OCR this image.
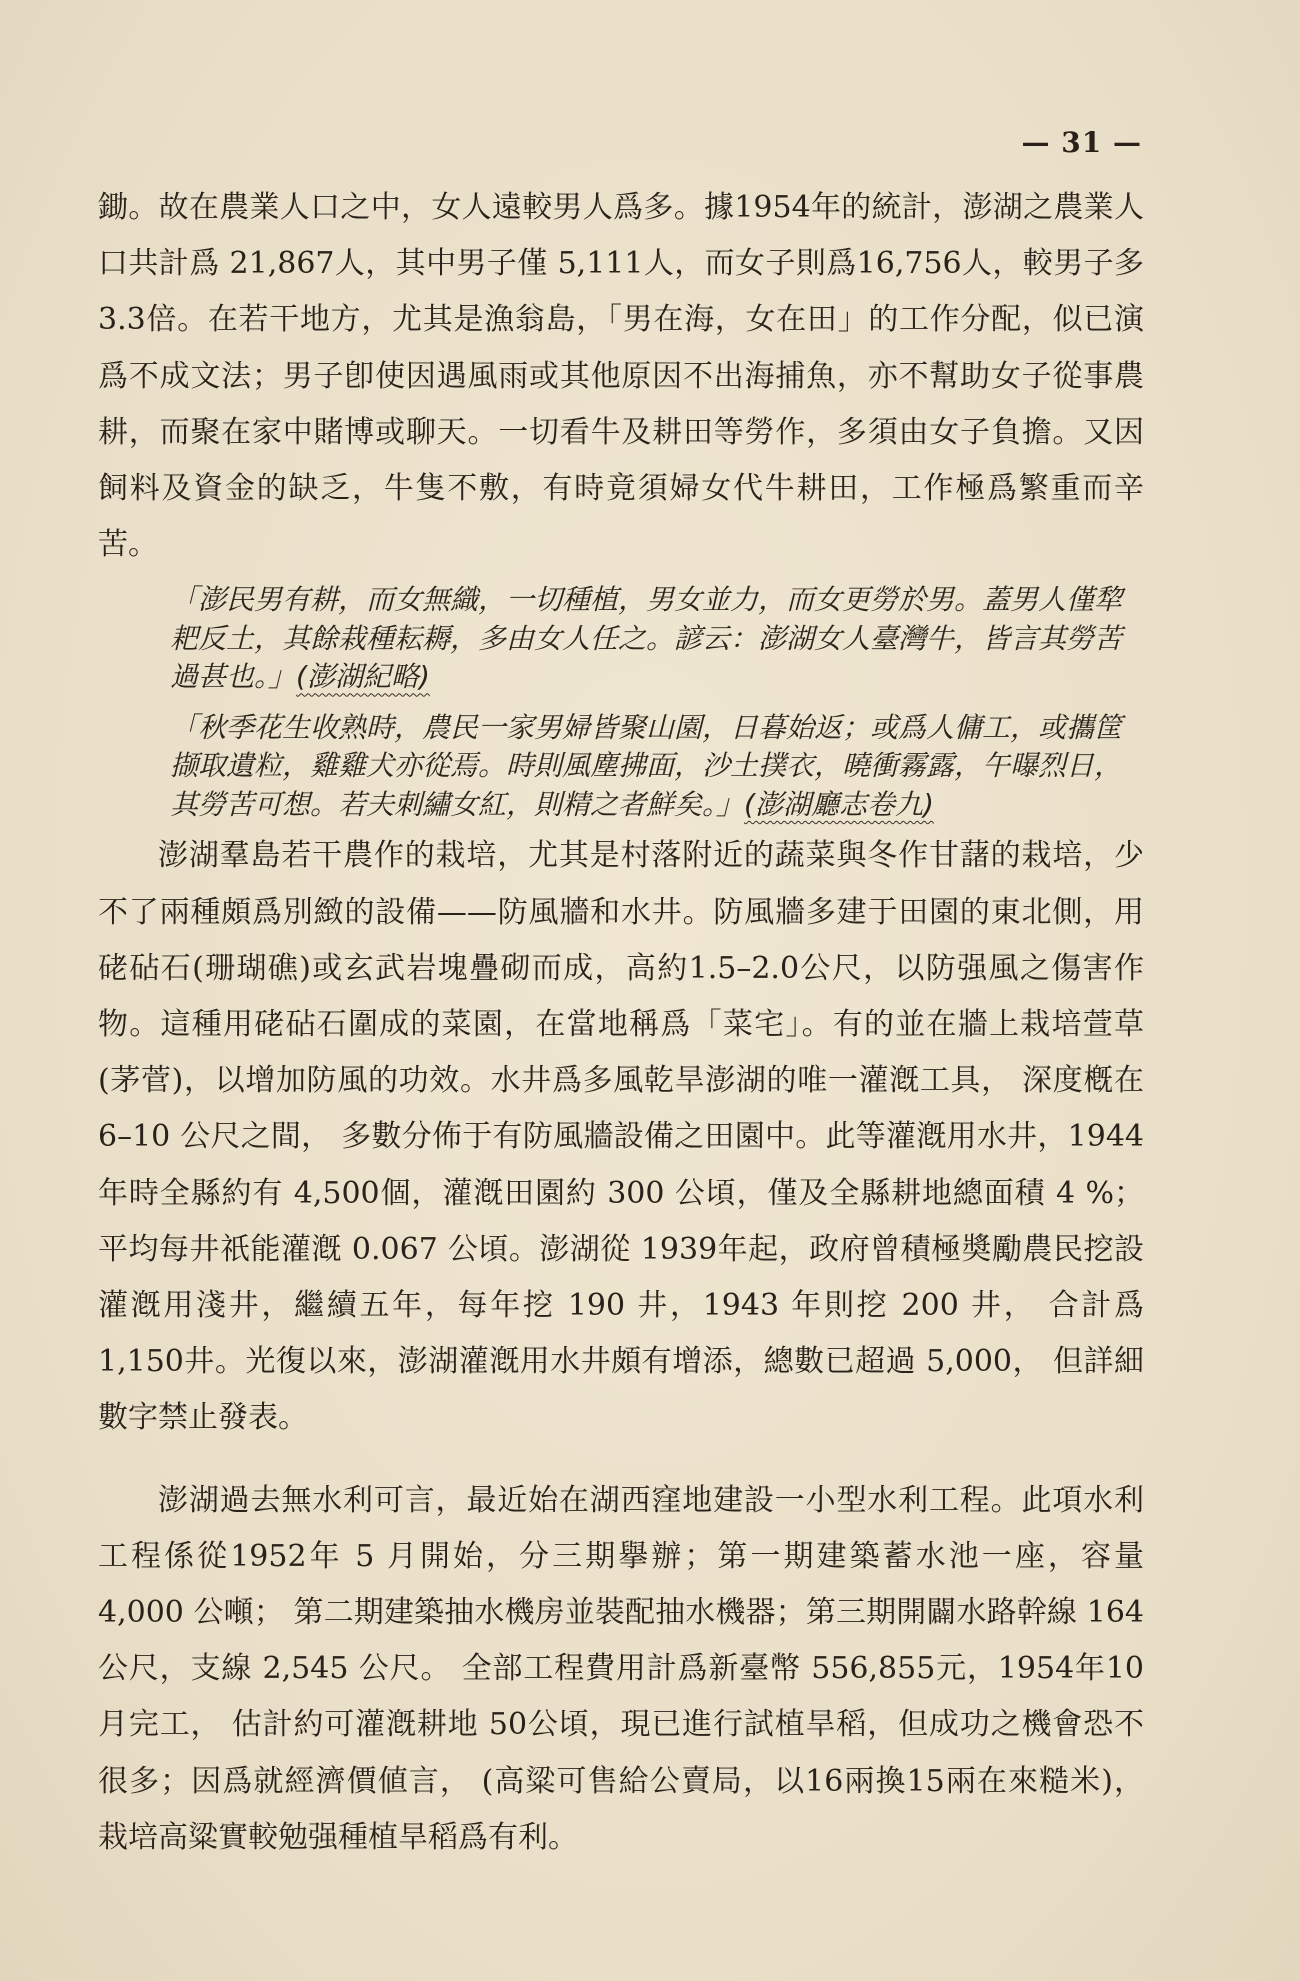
— 31 —

鋤。故在農業人口之中，女人遠較男人爲多。據1954年的統計，澎湖之農業人口共計爲 21,867人，其中男子僅 5,111人，而女子則爲16,756人，較男子多3.3倍。在若干地方，尤其是漁翁島，「男在海，女在田」的工作分配，似已演爲不成文法；男子卽使因遇風雨或其他原因不出海捕魚，亦不幫助女子從事農耕，而聚在家中賭博或聊天。一切看牛及耕田等勞作，多須由女子負擔。又因飼料及資金的缺乏，牛隻不敷，有時竟須婦女代牛耕田，工作極爲繁重而辛苦。

「澎民男有耕，而女無織，一切種植，男女並力，而女更勞於男。蓋男人僅犂耙反土，其餘栽種耘耨，多由女人任之。諺云：澎湖女人臺灣牛，皆言其勞苦過甚也。」(澎湖紀略)
「秋季花生收熟時，農民一家男婦皆聚山園，日暮始返；或爲人傭工，或攜筐撷取遺粒，雞雞犬亦從焉。時則風塵拂面，沙土撲衣，曉衝霧露，午曝烈日，其勞苦可想。若夫刺繡女紅，則精之者鮮矣。」(澎湖廳志卷九)

澎湖羣島若干農作的栽培，尤其是村落附近的蔬菜與冬作甘藷的栽培，少不了兩種頗爲別緻的設備——防風牆和水井。防風牆多建于田園的東北側，用硓砧石(珊瑚礁)或玄武岩塊疊砌而成，高約1.5–2.0公尺，以防强風之傷害作物。這種用硓砧石圍成的菜園，在當地稱爲「菜宅」。有的並在牆上栽培萱草(茅菅)，以增加防風的功效。水井爲多風乾旱澎湖的唯一灌漑工具， 深度槪在 6–10 公尺之間， 多數分佈于有防風牆設備之田園中。此等灌漑用水井，1944 年時全縣約有 4,500個，灌漑田園約 300 公頃，僅及全縣耕地總面積 4 %；平均每井祇能灌漑 0.067 公頃。澎湖從 1939年起，政府曾積極奬勵農民挖設灌漑用淺井，繼續五年，每年挖 190 井，1943 年則挖 200 井， 合計爲 1,150井。光復以來，澎湖灌漑用水井頗有增添，總數已超過 5,000， 但詳細數字禁止發表。

澎湖過去無水利可言，最近始在湖西窪地建設一小型水利工程。此項水利工程係從1952年 5 月開始，分三期擧辦；第一期建築蓄水池一座，容量 4,000 公噸； 第二期建築抽水機房並裝配抽水機器；第三期開闢水路幹線 164 公尺，支線 2,545 公尺。 全部工程費用計爲新臺幣 556,855元，1954年10月完工， 估計約可灌漑耕地 50公頃，現已進行試植旱稻，但成功之機會恐不很多；因爲就經濟價値言， (高粱可售給公賣局，以16兩換15兩在來糙米)， 栽培高粱實較勉强種植旱稻爲有利。
